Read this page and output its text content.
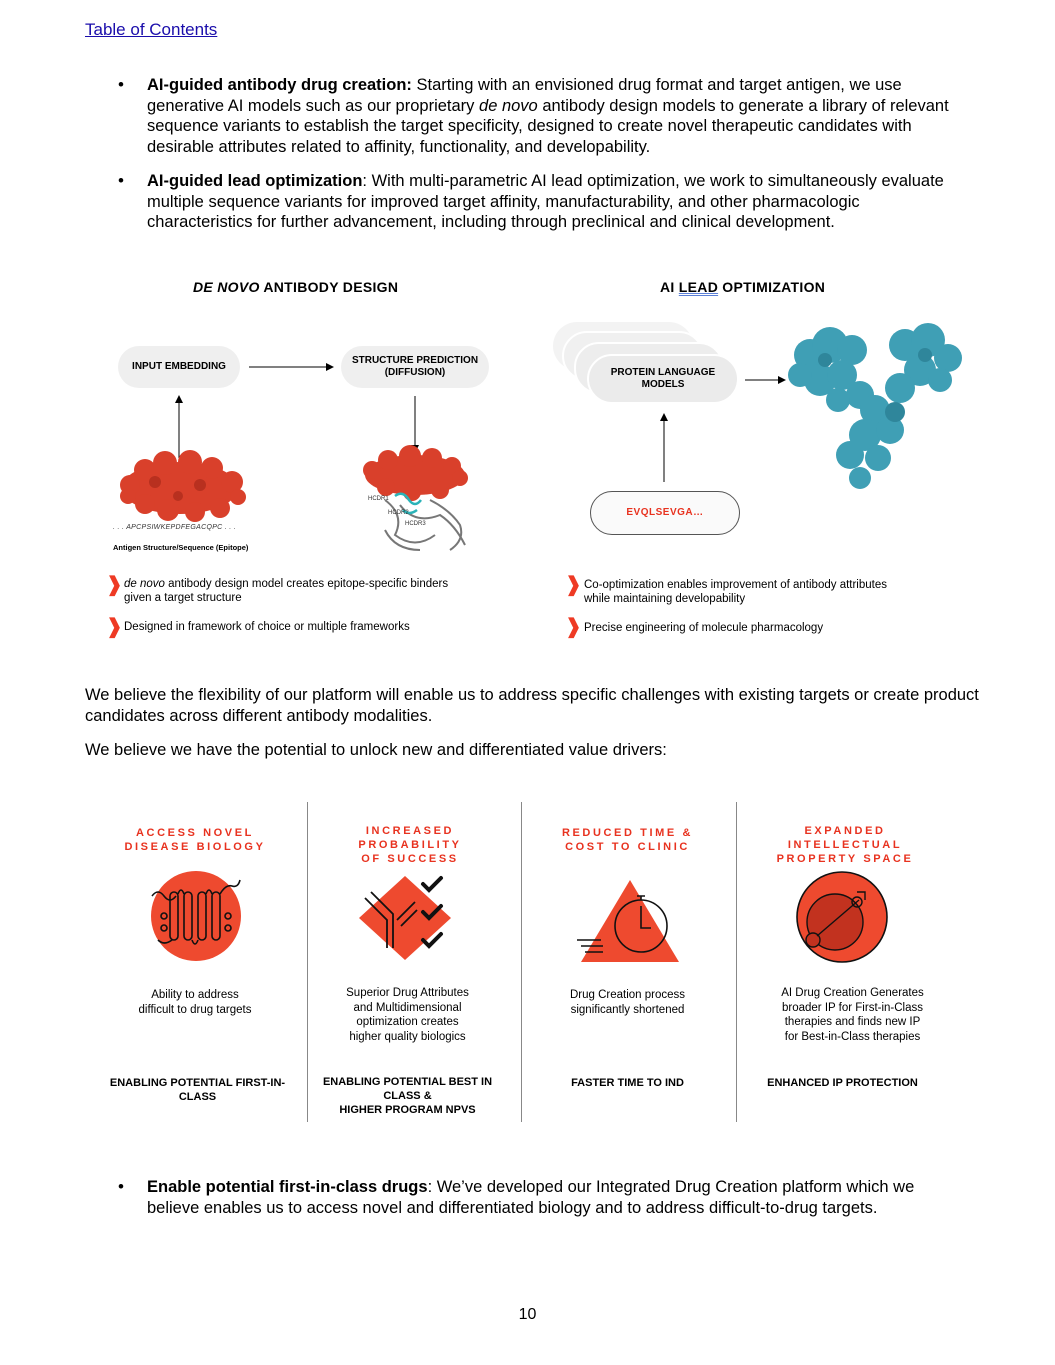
Table of Contents
• AI-guided antibody drug creation: Starting with an envisioned drug format and target antigen, we use generative AI models such as our proprietary de novo antibody design models to generate a library of relevant sequence variants to establish the target specificity, designed to create novel therapeutic candidates with desirable attributes related to affinity, functionality, and developability.
• AI-guided lead optimization: With multi-parametric AI lead optimization, we work to simultaneously evaluate multiple sequence variants for improved target affinity, manufacturability, and other pharmacologic characteristics for further advancement, including through preclinical and clinical development.
DE NOVO ANTIBODY DESIGN	AI LEAD OPTIMIZATION
INPUT EMBEDDING
STRUCTURE PREDICTION
(DIFFUSION)	PROTEIN LANGUAGE
MODELS
EVQLSEVGA…
. . . APCPSIWKEPDFEGACQPC . . .
Antigen Structure/Sequence (Epitope)
HCDR1
HCDR2
HCDR3
❱ de novo antibody design model creates epitope-specific binders given a target structure
❱ Designed in framework of choice or multiple frameworks
❱ Co-optimization enables improvement of antibody attributes while maintaining developability
❱ Precise engineering of molecule pharmacology
We believe the flexibility of our platform will enable us to address specific challenges with existing targets or create product candidates across different antibody modalities.
We believe we have the potential to unlock new and differentiated value drivers:
ACCESS NOVEL
DISEASE BIOLOGY
Ability to address
difficult to drug targets
ENABLING POTENTIAL FIRST-IN-
CLASS
INCREASED
PROBABILITY
OF SUCCESS
Superior Drug Attributes
and Multidimensional
optimization creates
higher quality biologics
ENABLING POTENTIAL BEST IN
CLASS &
HIGHER PROGRAM NPVS
REDUCED TIME &
COST TO CLINIC
Drug Creation process
significantly shortened
FASTER TIME TO IND
EXPANDED
INTELLECTUAL
PROPERTY SPACE
AI Drug Creation Generates
broader IP for First-in-Class
therapies and finds new IP
for Best-in-Class therapies
ENHANCED IP PROTECTION
• Enable potential first-in-class drugs: We’ve developed our Integrated Drug Creation platform which we believe enables us to access novel and differentiated biology and to address difficult-to-drug targets.
10
